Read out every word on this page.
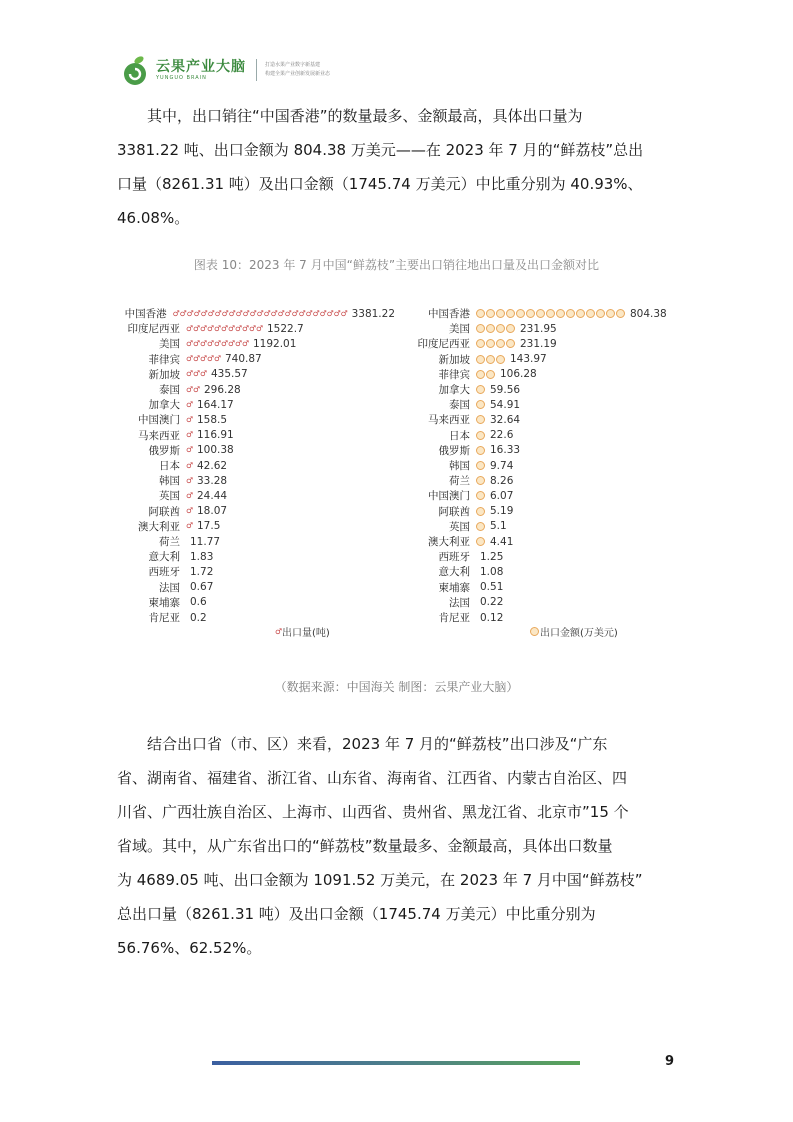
云果产业大脑
YUNGUO BRAIN
打造水果产业数字新基建
构建全果产业创新发展新业态
其中，出口销往“中国香港”的数量最多、金额最高，具体出口量为
3381.22 吨、出口金额为 804.38 万美元——在 2023 年 7 月的“鲜荔枝”总出
口量（8261.31 吨）及出口金额（1745.74 万美元）中比重分别为 40.93%、
46.08%。
图表 10：2023 年 7 月中国“鲜荔枝”主要出口销往地出口量及出口金额对比
中国香港 ♂ ♂ ♂ ♂ ♂ ♂ ♂ ♂ ♂ ♂ ♂ ♂ ♂ ♂ ♂ ♂ ♂ ♂ ♂ ♂ ♂ ♂ ♂ ♂ ♂ 3381.22
印度尼西亚 ♂ ♂ ♂ ♂ ♂ ♂ ♂ ♂ ♂ ♂ ♂ 1522.7
美国 ♂ ♂ ♂ ♂ ♂ ♂ ♂ ♂ ♂ 1192.01
菲律宾 ♂ ♂ ♂ ♂ ♂ 740.87
新加坡 ♂ ♂ ♂ 435.57
泰国 ♂ ♂ 296.28
加拿大 ♂ 164.17
中国澳门 ♂ 158.5
马来西亚 ♂ 116.91
俄罗斯 ♂ 100.38
日本 ♂ 42.62
韩国 ♂ 33.28
英国 ♂ 24.44
阿联酋 ♂ 18.07
澳大利亚 ♂ 17.5
荷兰 11.77
意大利 1.83
西班牙 1.72
法国 0.67
柬埔寨 0.6
肯尼亚 0.2
♂ 出口量(吨)
中国香港	804.38
美国	231.95
印度尼西亚	231.19
新加坡	143.97
菲律宾	106.28
加拿大	59.56
泰国	54.91
马来西亚	32.64
日本	22.6
俄罗斯	16.33
韩国	9.74
荷兰	8.26
中国澳门	6.07
阿联酋	5.19
英国	5.1
澳大利亚	4.41
西班牙 1.25
意大利 1.08
柬埔寨 0.51
法国 0.22
肯尼亚 0.12
出口金额(万美元)
（数据来源：中国海关 制图：云果产业大脑）
结合出口省（市、区）来看，2023 年 7 月的“鲜荔枝”出口涉及“广东
省、湖南省、福建省、浙江省、山东省、海南省、江西省、内蒙古自治区、四
川省、广西壮族自治区、上海市、山西省、贵州省、黑龙江省、北京市”15 个
省域。其中，从广东省出口的“鲜荔枝”数量最多、金额最高，具体出口数量
为 4689.05 吨、出口金额为 1091.52 万美元，在 2023 年 7 月中国“鲜荔枝”
总出口量（8261.31 吨）及出口金额（1745.74 万美元）中比重分别为
56.76%、62.52%。
9
